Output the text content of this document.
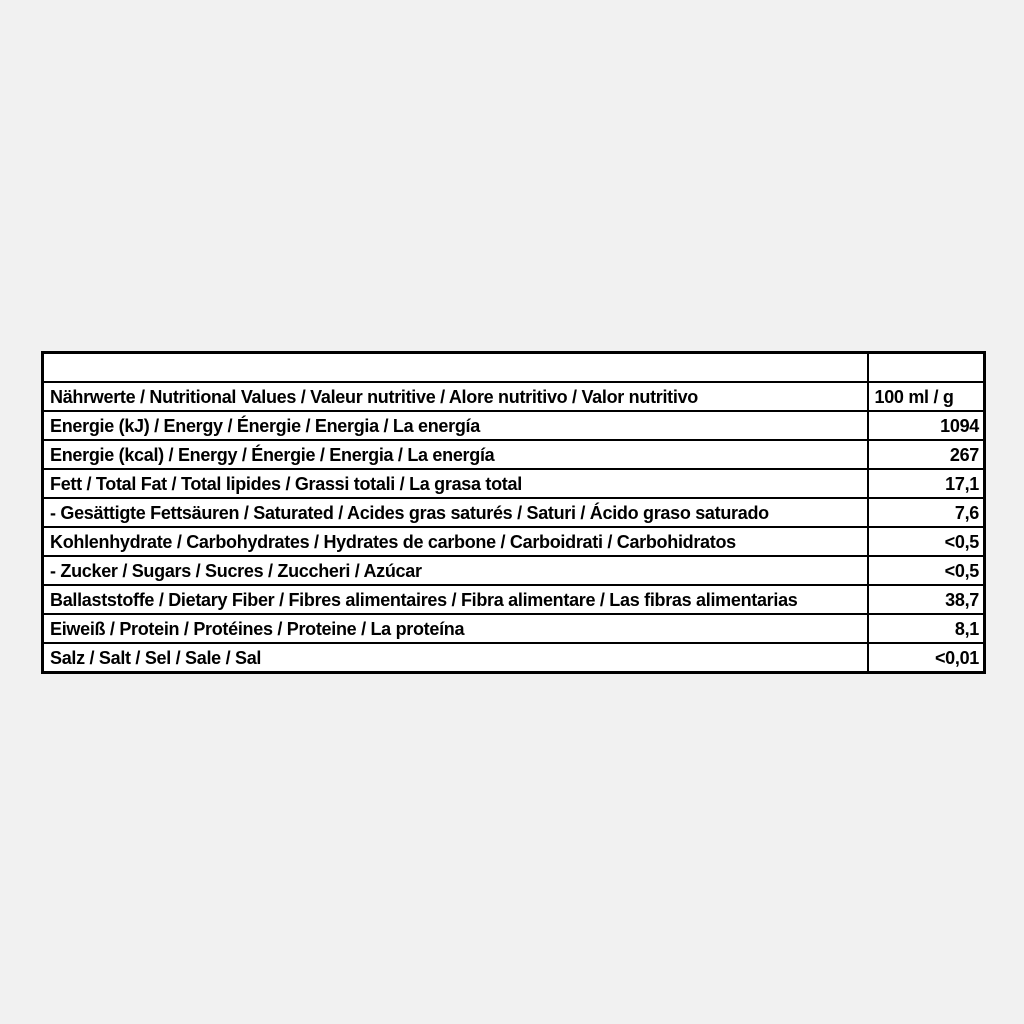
Nährwerte / Nutritional Values / Valeur nutritive / Alore nutritivo / Valor nutritivo	100 ml / g
Energie (kJ) / Energy / Énergie / Energia / La energía	1094
Energie (kcal) / Energy / Énergie / Energia / La energía	267
Fett / Total Fat / Total lipides / Grassi totali / La grasa total	17,1
- Gesättigte Fettsäuren / Saturated / Acides gras saturés / Saturi / Ácido graso saturado	7,6
Kohlenhydrate / Carbohydrates / Hydrates de carbone / Carboidrati / Carbohidratos	<0,5
- Zucker / Sugars / Sucres / Zuccheri / Azúcar	<0,5
Ballaststoffe / Dietary Fiber / Fibres alimentaires / Fibra alimentare / Las fibras alimentarias	38,7
Eiweiß / Protein / Protéines / Proteine / La proteína	8,1
Salz / Salt / Sel / Sale / Sal	<0,01
